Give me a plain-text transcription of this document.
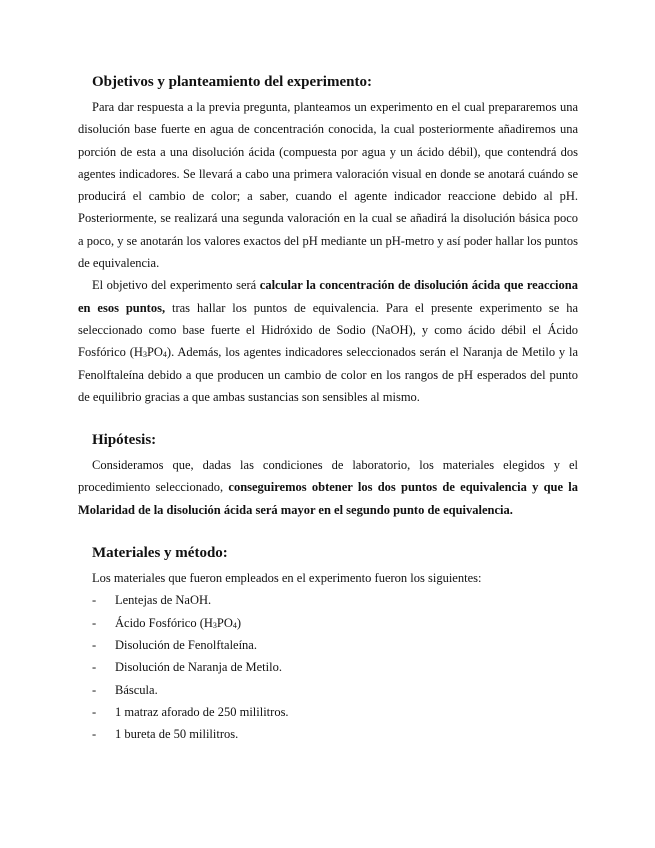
Objetivos y planteamiento del experimento:

Para dar respuesta a la previa pregunta, planteamos un experimento en el cual prepararemos una disolución base fuerte en agua de concentración conocida, la cual posteriormente añadiremos una porción de esta a una disolución ácida (compuesta por agua y un ácido débil), que contendrá dos agentes indicadores. Se llevará a cabo una primera valoración visual en donde se anotará cuándo se producirá el cambio de color; a saber, cuando el agente indicador reaccione debido al pH. Posteriormente, se realizará una segunda valoración en la cual se añadirá la disolución básica poco a poco, y se anotarán los valores exactos del pH mediante un pH-metro y así poder hallar los puntos de equivalencia.

El objetivo del experimento será calcular la concentración de disolución ácida que reacciona en esos puntos, tras hallar los puntos de equivalencia. Para el presente experimento se ha seleccionado como base fuerte el Hidróxido de Sodio (NaOH), y como ácido débil el Ácido Fosfórico $(H_3PO_4)$. Además, los agentes indicadores seleccionados serán el Naranja de Metilo y la Fenolftaleína debido a que producen un cambio de color en los rangos de pH esperados del punto de equilibrio gracias a que ambas sustancias son sensibles al mismo.

Hipótesis:

Consideramos que, dadas las condiciones de laboratorio, los materiales elegidos y el procedimiento seleccionado, conseguiremos obtener los dos puntos de equivalencia y que la Molaridad de la disolución ácida será mayor en el segundo punto de equivalencia.

Materiales y método:

Los materiales que fueron empleados en el experimento fueron los siguientes:

- Lentejas de NaOH.
- Ácido Fosfórico $(H_3PO_4)$
- Disolución de Fenolftaleína.
- Disolución de Naranja de Metilo.
- Báscula.
- 1 matraz aforado de 250 mililitros.
- 1 bureta de 50 mililitros.
